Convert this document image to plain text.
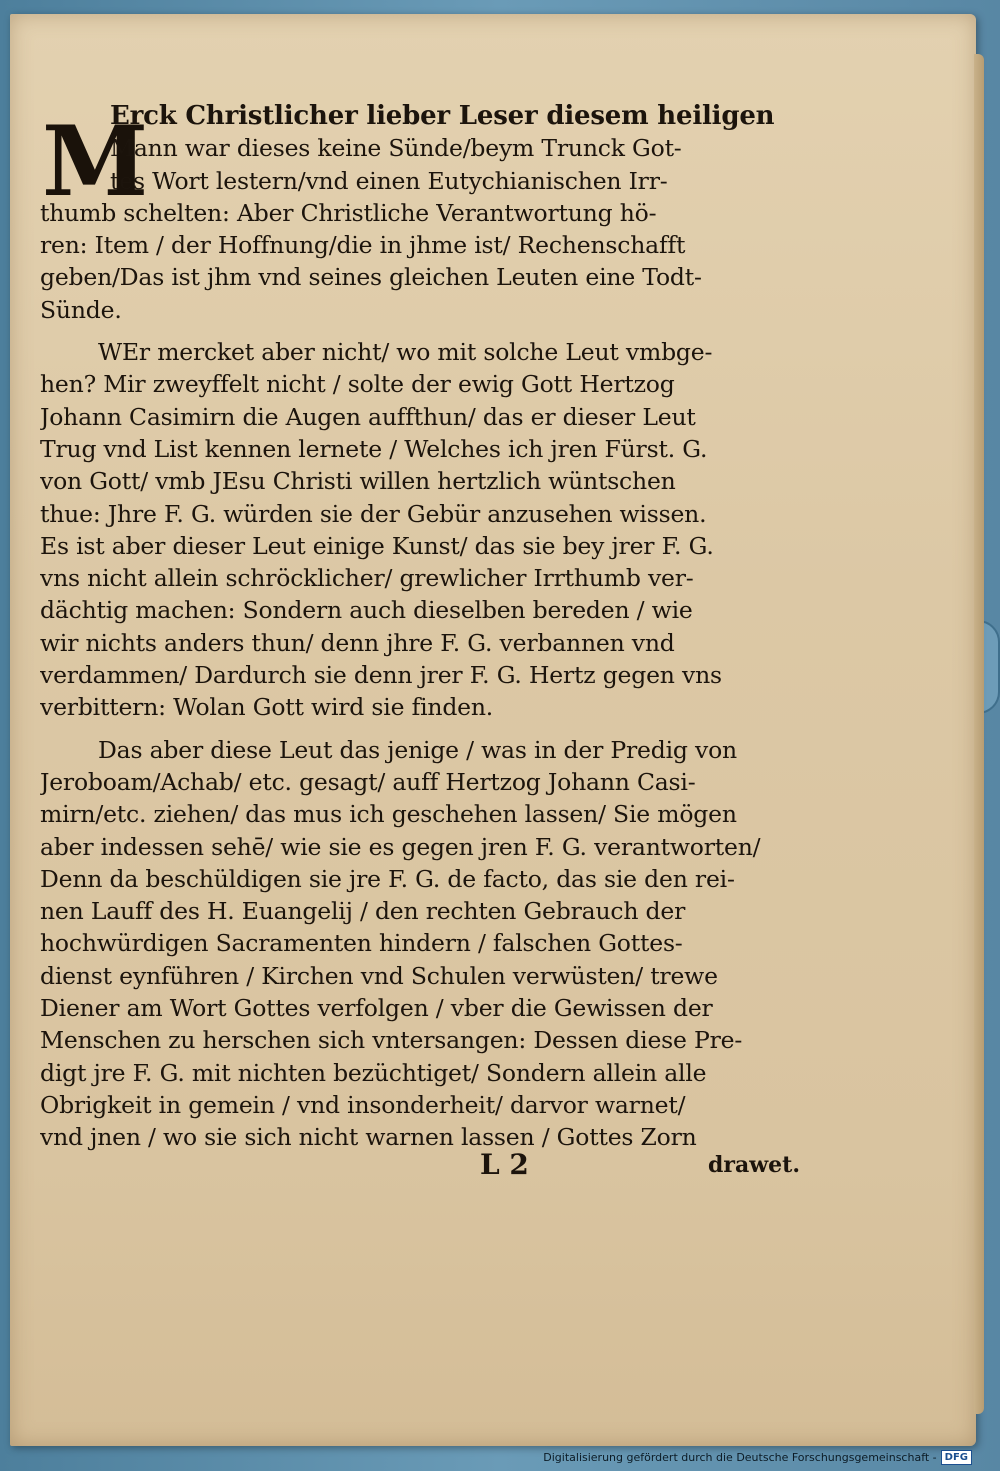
M
Erck Christlicher lieber Leser diesem heiligen
Mann war dieses keine Sünde/beym Trunck Got-
tes Wort lestern/vnd einen Eutychianischen Irr-
thumb schelten: Aber Christliche Verantwortung hö-
ren: Item / der Hoffnung/die in jhme ist/ Rechenschafft
geben/Das ist jhm vnd seines gleichen Leuten eine Todt-
Sünde.
WEr mercket aber nicht/ wo mit solche Leut vmbge-
hen? Mir zweyffelt nicht / solte der ewig Gott Hertzog
Johann Casimirn die Augen auffthun/ das er dieser Leut
Trug vnd List kennen lernete / Welches ich jren Fürst. G.
von Gott/ vmb JEsu Christi willen hertzlich wüntschen
thue: Jhre F. G. würden sie der Gebür anzusehen wissen.
Es ist aber dieser Leut einige Kunst/ das sie bey jrer F. G.
vns nicht allein schröcklicher/ grewlicher Irrthumb ver-
dächtig machen: Sondern auch dieselben bereden / wie
wir nichts anders thun/ denn jhre F. G. verbannen vnd
verdammen/ Dardurch sie denn jrer F. G. Hertz gegen vns
verbittern: Wolan Gott wird sie finden.
Das aber diese Leut das jenige / was in der Predig von
Jeroboam/Achab/ etc. gesagt/ auff Hertzog Johann Casi-
mirn/etc. ziehen/ das mus ich geschehen lassen/ Sie mögen
aber indessen sehē/ wie sie es gegen jren F. G. verantworten/
Denn da beschüldigen sie jre F. G. de facto, das sie den rei-
nen Lauff des H. Euangelij / den rechten Gebrauch der
hochwürdigen Sacramenten hindern / falschen Gottes-
dienst eynführen / Kirchen vnd Schulen verwüsten/ trewe
Diener am Wort Gottes verfolgen / vber die Gewissen der
Menschen zu herschen sich vntersangen: Dessen diese Pre-
digt jre F. G. mit nichten bezüchtiget/ Sondern allein alle
Obrigkeit in gemein / vnd insonderheit/ darvor warnet/
vnd jnen / wo sie sich nicht warnen lassen / Gottes Zorn
L 2	drawet.
Digitalisierung gefördert durch die Deutsche Forschungsgemeinschaft - DFG
